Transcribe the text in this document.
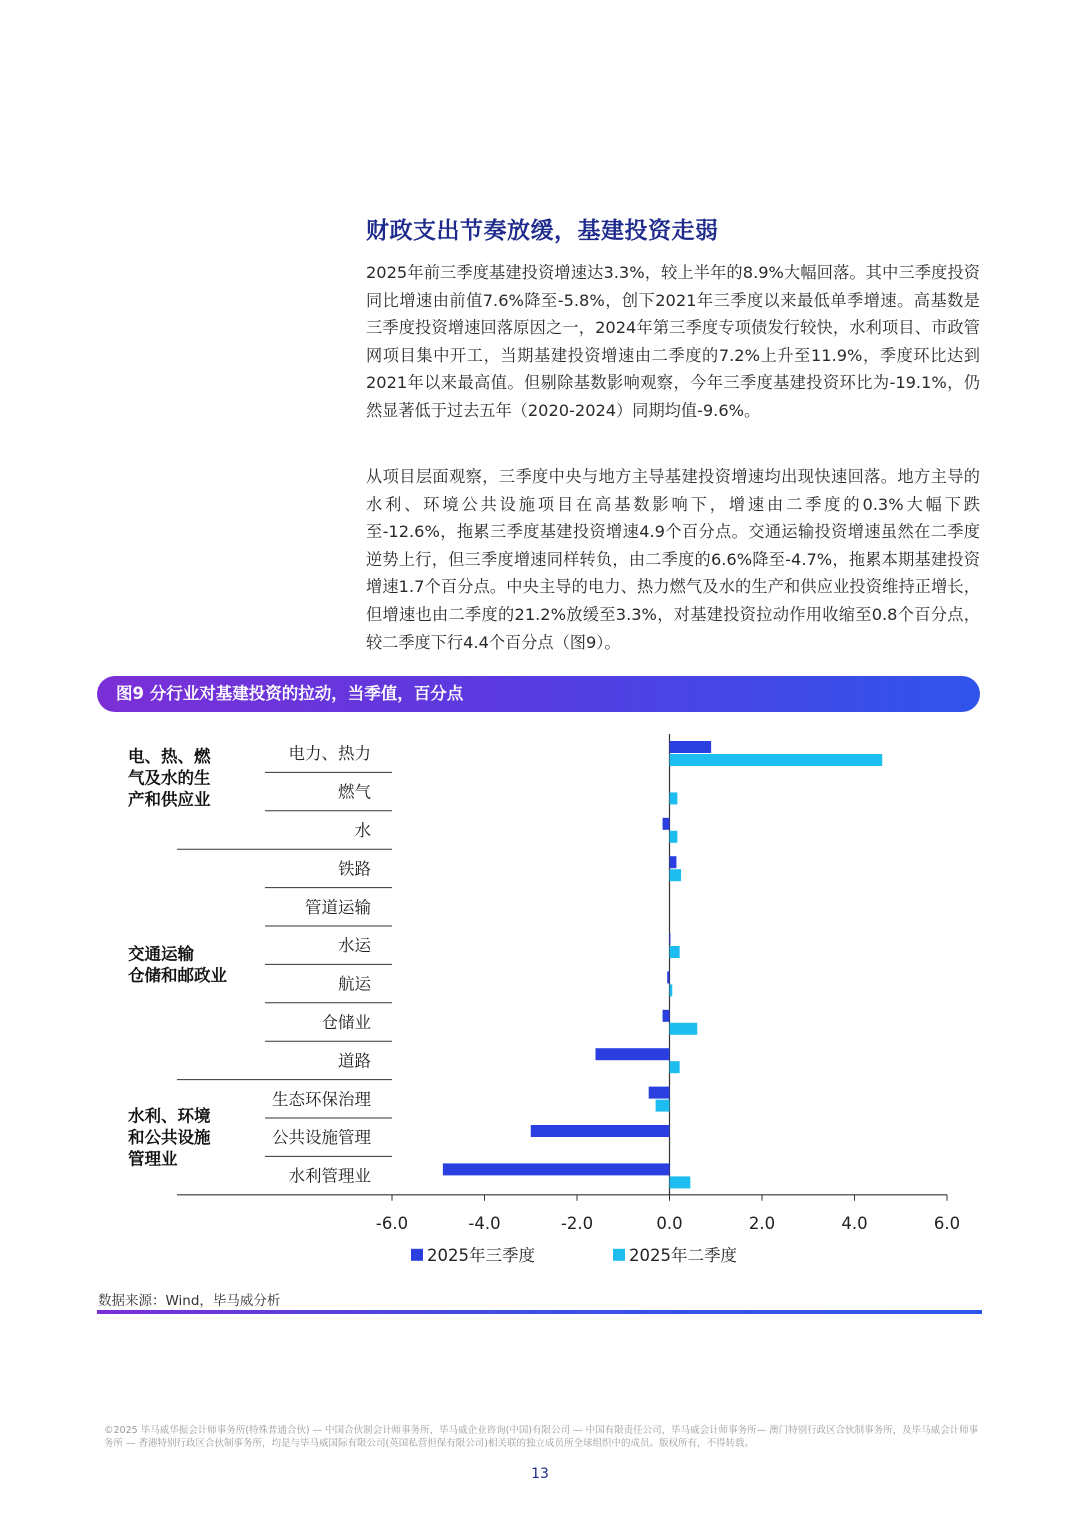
财政支出节奏放缓，基建投资走弱

2025年前三季度基建投资增速达3.3%，较上半年的8.9%大幅回落。其中三季度投资同比增速由前值7.6%降至-5.8%，创下2021年三季度以来最低单季增速。高基数是三季度投资增速回落原因之一，2024年第三季度专项债发行较快，水利项目、市政管网项目集中开工，当期基建投资增速由二季度的7.2%上升至11.9%，季度环比达到2021年以来最高值。但剔除基数影响观察，今年三季度基建投资环比为-19.1%，仍然显著低于过去五年（2020-2024）同期均值-9.6%。

从项目层面观察，三季度中央与地方主导基建投资增速均出现快速回落。地方主导的水利、环境公共设施项目在高基数影响下，增速由二季度的0.3%大幅下跌至-12.6%，拖累三季度基建投资增速4.9个百分点。交通运输投资增速虽然在二季度逆势上行，但三季度增速同样转负，由二季度的6.6%降至-4.7%，拖累本期基建投资增速1.7个百分点。中央主导的电力、热力燃气及水的生产和供应业投资维持正增长，但增速也由二季度的21.2%放缓至3.3%，对基建投资拉动作用收缩至0.8个百分点，较二季度下行4.4个百分点（图9）。

图9 分行业对基建投资的拉动，当季值，百分点
电力、热力
燃气
水
铁路
管道运输
水运
航运
仓储业
道路
生态环保治理
公共设施管理
水利管理业
电、热、燃
气及水的生
产和供应业
交通运输
仓储和邮政业
水利、环境
和公共设施
管理业
-6.0	-4.0	-2.0	0.0	2.0	4.0	6.0
2025年三季度	2025年二季度
数据来源：Wind，毕马威分析
©2025 毕马威华振会计师事务所(特殊普通合伙) — 中国合伙制会计师事务所，毕马威企业咨询(中国)有限公司 — 中国有限责任公司，毕马威会计师事务所— 澳门特别行政区合伙制事务所，及毕马威会计师事务所 — 香港特别行政区合伙制事务所，均是与毕马威国际有限公司(英国私营担保有限公司)相关联的独立成员所全球组织中的成员。版权所有，不得转载。
13
